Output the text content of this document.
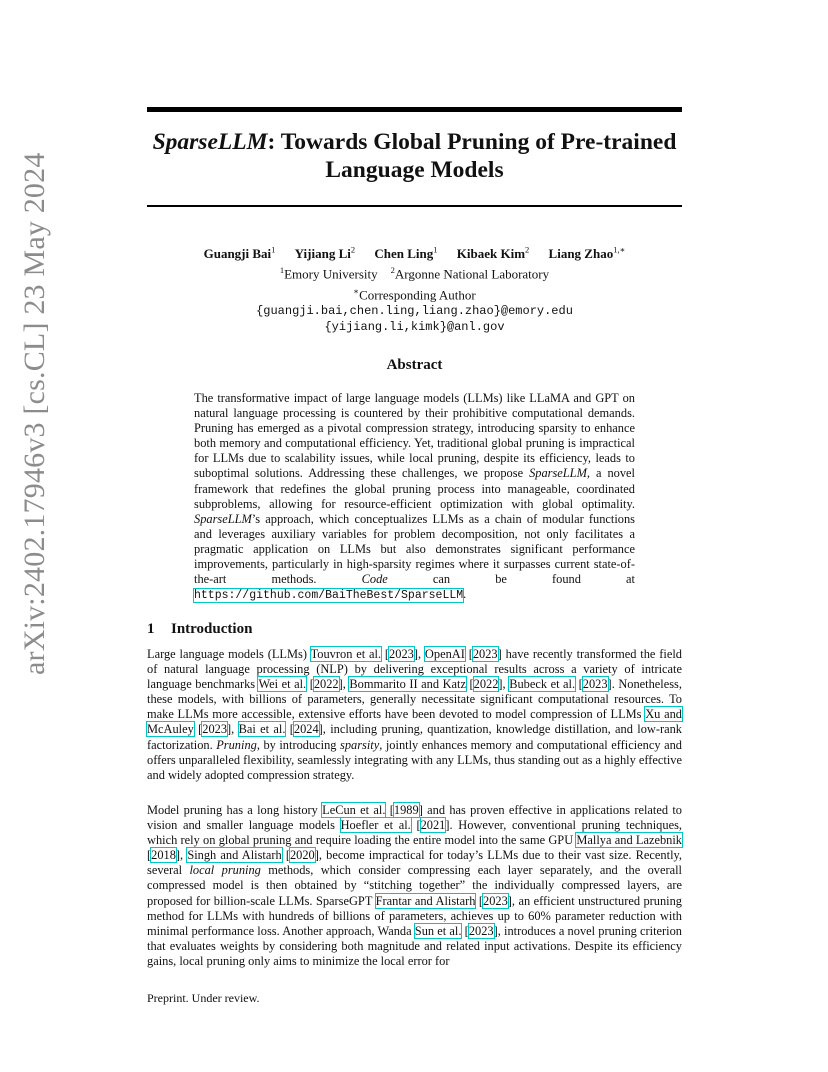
arXiv:2402.17946v3 [cs.CL] 23 May 2024
SparseLLM: Towards Global Pruning of Pre-trained
Language Models
Guangji Bai$^1$ Yijiang Li$^2$ Chen Ling$^1$ Kibaek Kim$^2$ Liang Zhao$^{1,∗}$
$^1$Emory University $^2$Argonne National Laboratory
∗Corresponding Author
{guangji.bai,chen.ling,liang.zhao}@emory.edu
{yijiang.li,kimk}@anl.gov
Abstract
The transformative impact of large language models (LLMs) like LLaMA and GPT on natural language processing is countered by their prohibitive computational demands. Pruning has emerged as a pivotal compression strategy, introducing sparsity to enhance both memory and computational efficiency. Yet, traditional global pruning is impractical for LLMs due to scalability issues, while local pruning, despite its efficiency, leads to suboptimal solutions. Addressing these challenges, we propose SparseLLM, a novel framework that redefines the global pruning process into manageable, coordinated subproblems, allowing for resource-efficient optimization with global optimality. SparseLLM’s approach, which conceptualizes LLMs as a chain of modular functions and leverages auxiliary variables for problem decomposition, not only facilitates a pragmatic application on LLMs but also demonstrates significant performance improvements, particularly in high-sparsity regimes where it surpasses current state-of-the-art methods. Code can be found at https://github.com/BaiTheBest/SparseLLM.
1 Introduction
Large language models (LLMs) Touvron et al. [2023], OpenAI [2023] have recently transformed the field of natural language processing (NLP) by delivering exceptional results across a variety of intricate language benchmarks Wei et al. [2022], Bommarito II and Katz [2022], Bubeck et al. [2023]. Nonetheless, these models, with billions of parameters, generally necessitate significant computational resources. To make LLMs more accessible, extensive efforts have been devoted to model compression of LLMs Xu and McAuley [2023], Bai et al. [2024], including pruning, quantization, knowledge distillation, and low-rank factorization. Pruning, by introducing sparsity, jointly enhances memory and computational efficiency and offers unparalleled flexibility, seamlessly integrating with any LLMs, thus standing out as a highly effective and widely adopted compression strategy.
Model pruning has a long history LeCun et al. [1989] and has proven effective in applications related to vision and smaller language models Hoefler et al. [2021]. However, conventional pruning techniques, which rely on global pruning and require loading the entire model into the same GPU Mallya and Lazebnik [2018], Singh and Alistarh [2020], become impractical for today’s LLMs due to their vast size. Recently, several local pruning methods, which consider compressing each layer separately, and the overall compressed model is then obtained by “stitching together” the individually compressed layers, are proposed for billion-scale LLMs. SparseGPT Frantar and Alistarh [2023], an efficient unstructured pruning method for LLMs with hundreds of billions of parameters, achieves up to 60% parameter reduction with minimal performance loss. Another approach, Wanda Sun et al. [2023], introduces a novel pruning criterion that evaluates weights by considering both magnitude and related input activations. Despite its efficiency gains, local pruning only aims to minimize the local error for
Preprint. Under review.
